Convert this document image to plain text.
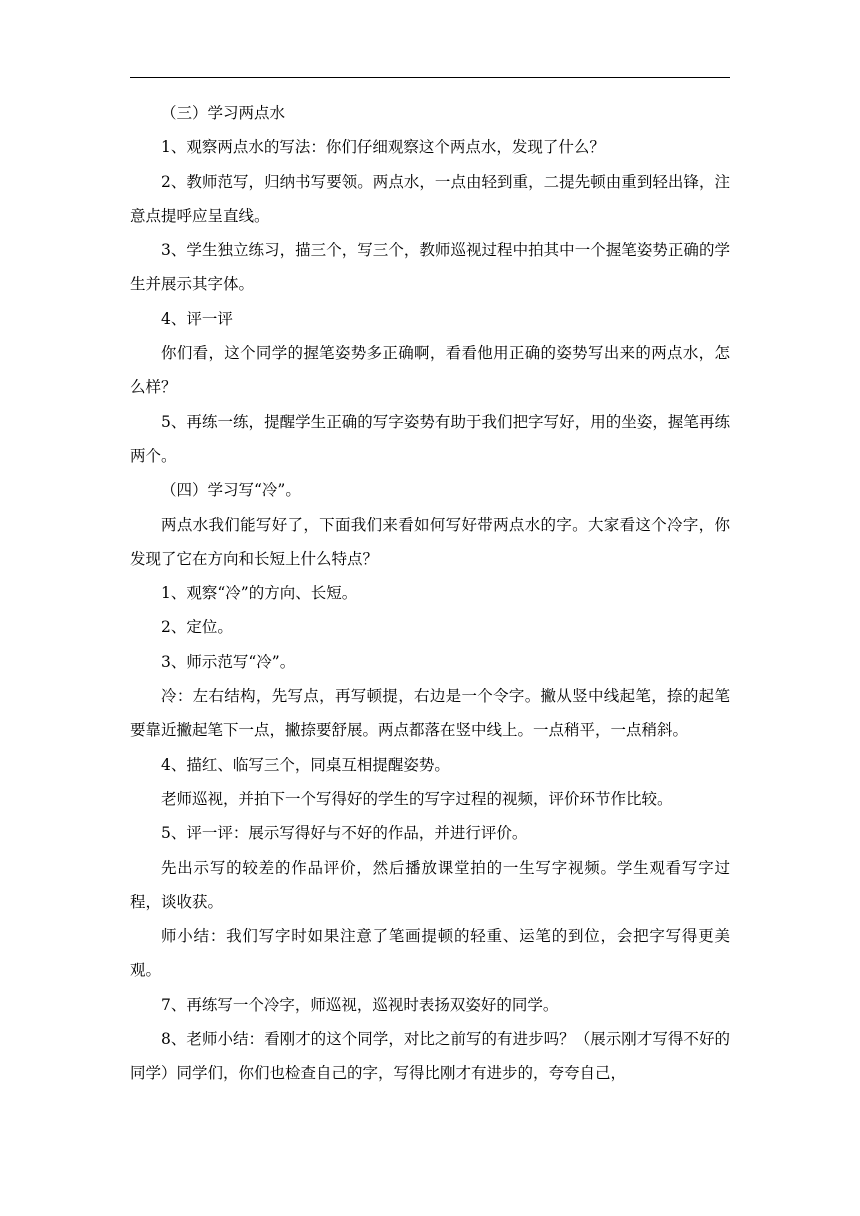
（三）学习两点水

1、观察两点水的写法：你们仔细观察这个两点水，发现了什么？

2、教师范写，归纳书写要领。两点水，一点由轻到重，二提先顿由重到轻出锋，注意点提呼应呈直线。

3、学生独立练习，描三个，写三个，教师巡视过程中拍其中一个握笔姿势正确的学生并展示其字体。

4、评一评

你们看，这个同学的握笔姿势多正确啊，看看他用正确的姿势写出来的两点水，怎么样？

5、再练一练，提醒学生正确的写字姿势有助于我们把字写好，用的坐姿，握笔再练两个。

（四）学习写“冷”。

两点水我们能写好了，下面我们来看如何写好带两点水的字。大家看这个冷字，你发现了它在方向和长短上什么特点？

1、观察“冷”的方向、长短。

2、定位。

3、师示范写“冷”。

冷：左右结构，先写点，再写顿提，右边是一个令字。撇从竖中线起笔，捺的起笔要靠近撇起笔下一点，撇捺要舒展。两点都落在竖中线上。一点稍平，一点稍斜。

4、描红、临写三个，同桌互相提醒姿势。

老师巡视，并拍下一个写得好的学生的写字过程的视频，评价环节作比较。

5、评一评：展示写得好与不好的作品，并进行评价。

先出示写的较差的作品评价，然后播放课堂拍的一生写字视频。学生观看写字过程，谈收获。

师小结：我们写字时如果注意了笔画提顿的轻重、运笔的到位，会把字写得更美观。

7、再练写一个冷字，师巡视，巡视时表扬双姿好的同学。

8、老师小结：看刚才的这个同学，对比之前写的有进步吗？（展示刚才写得不好的同学）同学们，你们也检查自己的字，写得比刚才有进步的，夸夸自己，
